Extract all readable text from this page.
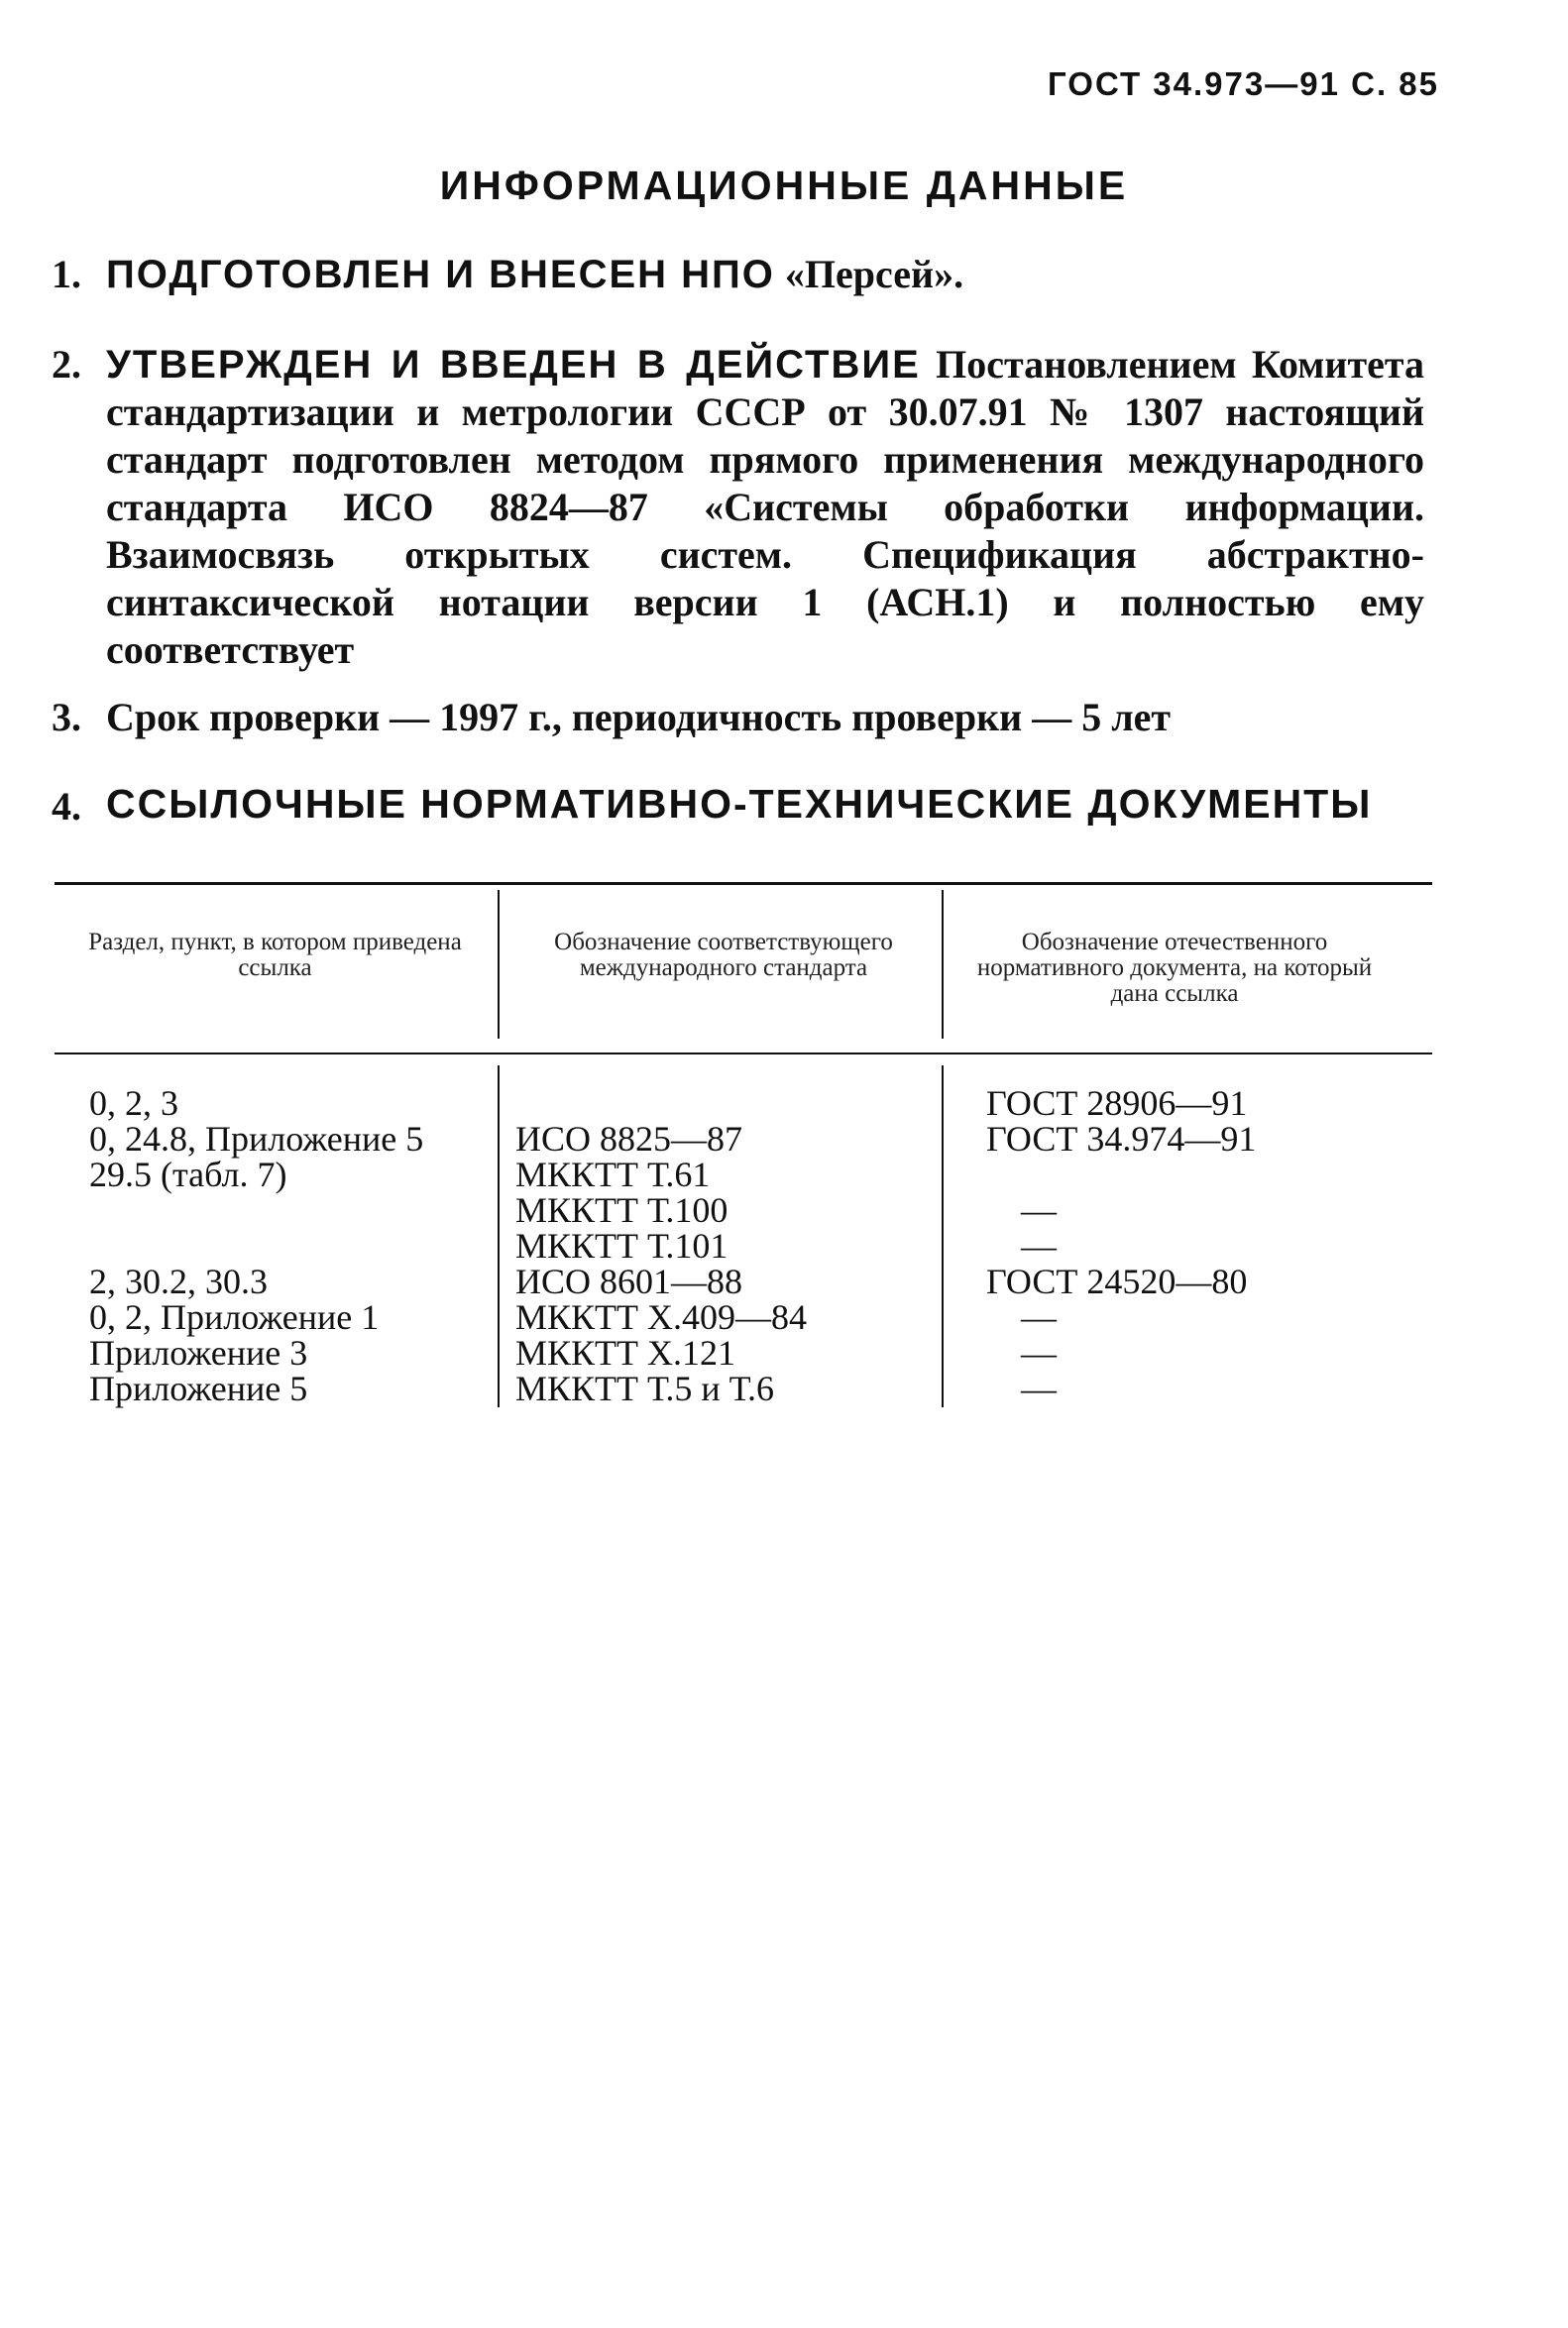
ГОСТ 34.973—91 С. 85
ИНФОРМАЦИОННЫЕ ДАННЫЕ
1. ПОДГОТОВЛЕН И ВНЕСЕН НПО «Персей».
2. УТВЕРЖДЕН И ВВЕДЕН В ДЕЙСТВИЕ Постановлением Комитета стандартизации и метрологии СССР от 30.07.91 № 1307 настоящий стандарт подготовлен методом прямого применения международного стандарта ИСО 8824—87 «Системы обработки информации. Взаимосвязь открытых систем. Спецификация абстрактно-синтаксической нотации версии 1 (АСН.1) и полностью ему соответствует
3. Срок проверки — 1997 г., периодичность проверки — 5 лет
4. ССЫЛОЧНЫЕ НОРМАТИВНО-ТЕХНИЧЕСКИЕ ДОКУМЕНТЫ
Раздел, пункт, в котором приведена ссылка
Обозначение соответствующего международного стандарта
Обозначение отечественного нормативного документа, на который дана ссылка
0, 2, 3
0, 24.8, Приложение 5
29.5 (табл. 7)
2, 30.2, 30.3
0, 2, Приложение 1
Приложение 3
Приложение 5
ИСО 8825—87
МККТТ Т.61
МККТТ Т.100
МККТТ Т.101
ИСО 8601—88
МККТТ Х.409—84
МККТТ Х.121
МККТТ Т.5 и Т.6
ГОСТ 28906—91
ГОСТ 34.974—91
—
—
ГОСТ 24520—80
—
—
—
